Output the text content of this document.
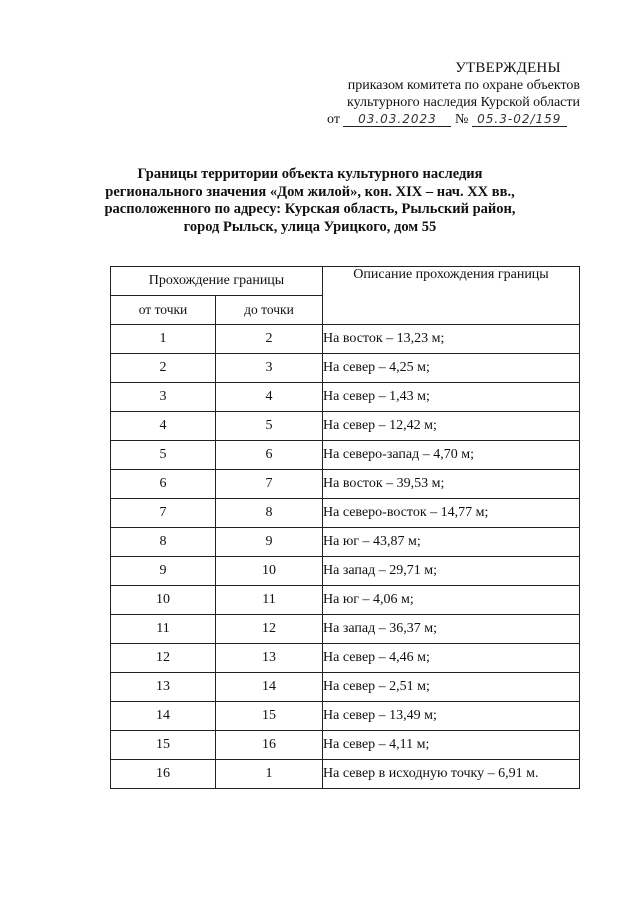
УТВЕРЖДЕНЫ
приказом комитета по охране объектов
культурного наследия Курской области
от 03.03.2023 № 05.3-02/159
Границы территории объекта культурного наследия
регионального значения «Дом жилой», кон. XIX – нач. XX вв.,
расположенного по адресу: Курская область, Рыльский район,
город Рыльск, улица Урицкого, дом 55
Прохождение границы		Описание прохождения границы
от точки	до точки	
1	2	На восток – 13,23 м;
2	3	На север – 4,25 м;
3	4	На север – 1,43 м;
4	5	На север – 12,42 м;
5	6	На северо-запад – 4,70 м;
6	7	На восток – 39,53 м;
7	8	На северо-восток – 14,77 м;
8	9	На юг – 43,87 м;
9	10	На запад – 29,71 м;
10	11	На юг – 4,06 м;
11	12	На запад – 36,37 м;
12	13	На север – 4,46 м;
13	14	На север – 2,51 м;
14	15	На север – 13,49 м;
15	16	На север – 4,11 м;
16	1	На север в исходную точку – 6,91 м.
